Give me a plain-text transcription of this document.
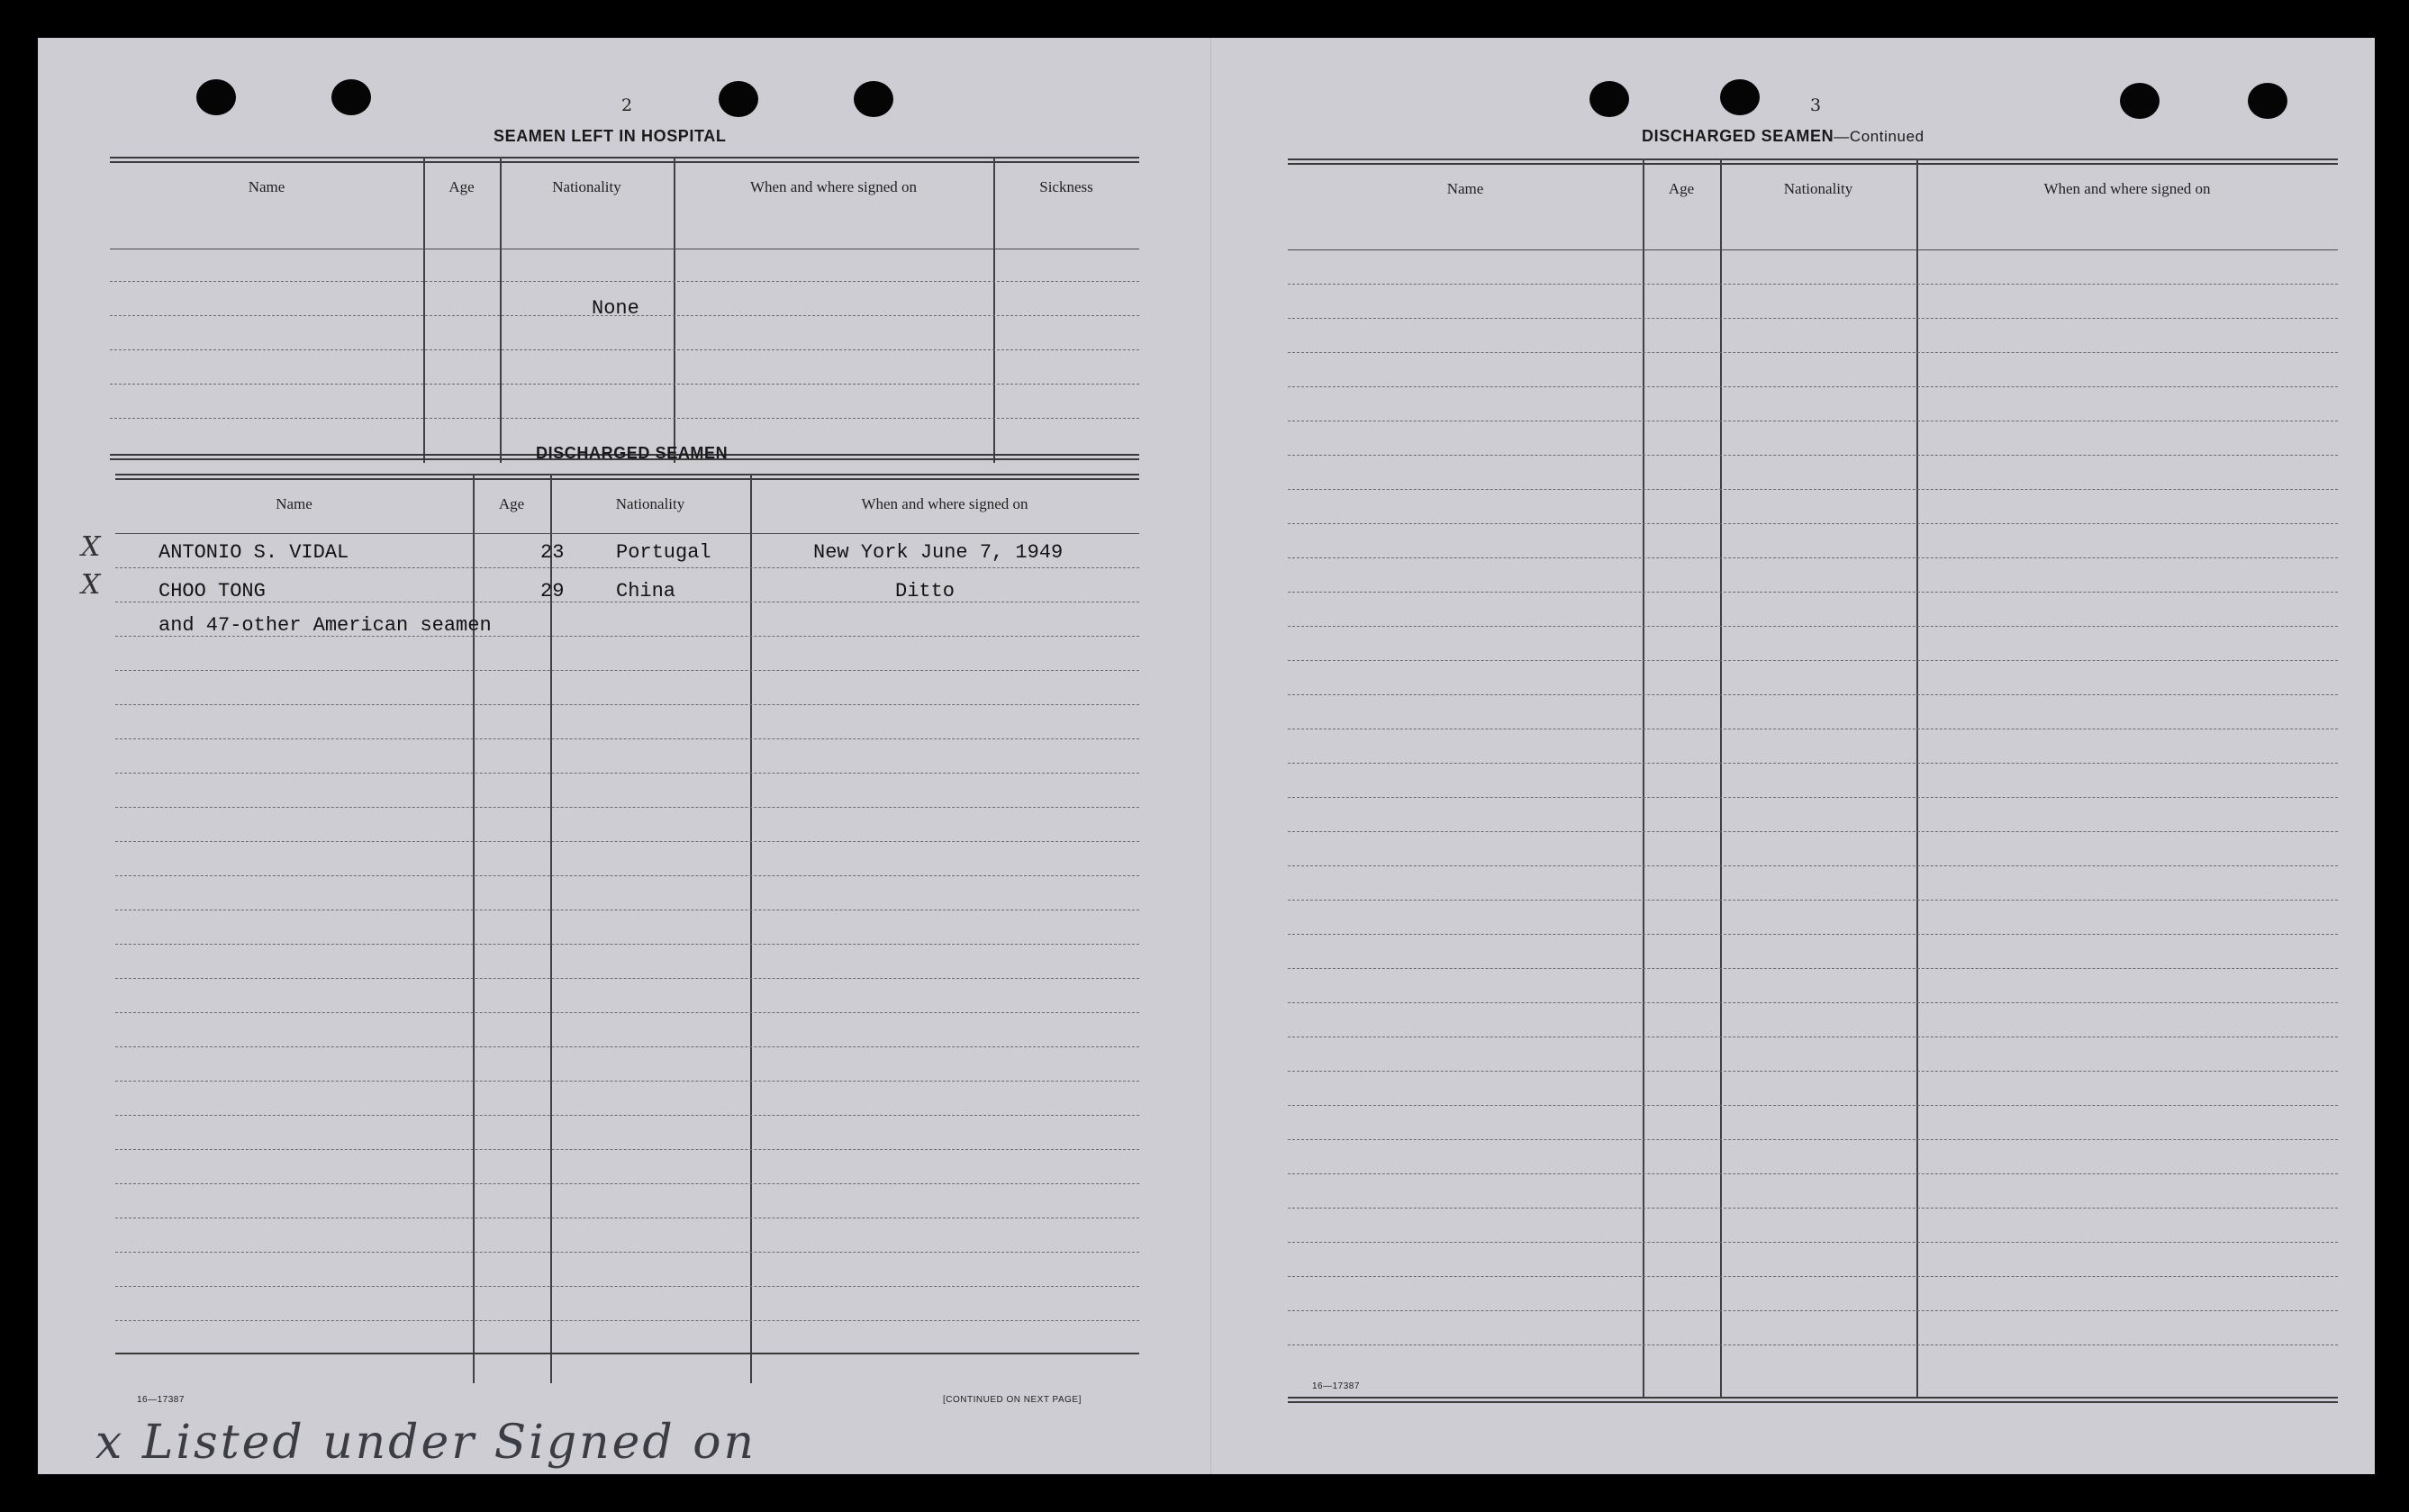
2
SEAMEN LEFT IN HOSPITAL
Name	Age	Nationality	When and where signed on	Sickness
None
DISCHARGED SEAMEN
Name	Age	Nationality	When and where signed on
ANTONIO S. VIDAL	23	Portugal	New York June 7, 1949
CHOO TONG	29	China	Ditto
and 47-other American seamen
X
X
16—17387	[CONTINUED ON NEXT PAGE]
x Listed under Signed on
3
DISCHARGED SEAMEN—Continued
Name	Age	Nationality	When and where signed on
16—17387
